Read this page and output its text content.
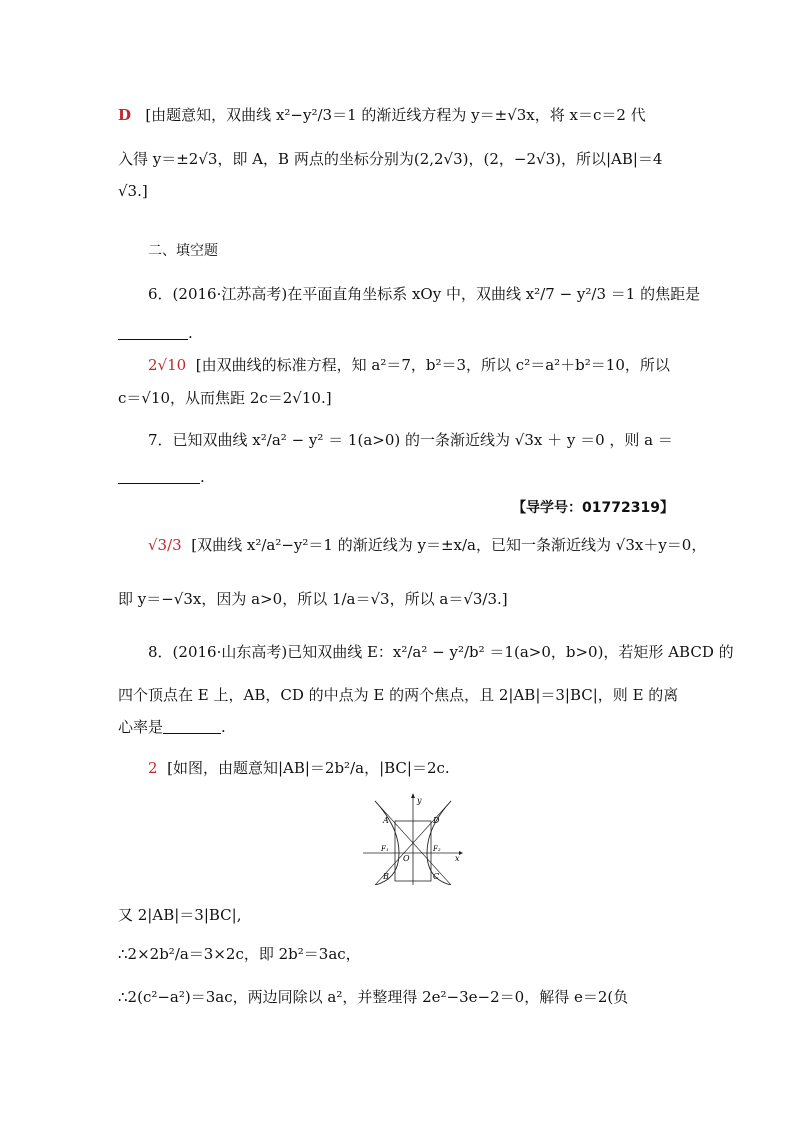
D [由题意知，双曲线 x²−y²/3＝1 的渐近线方程为 y＝±√3x，将 x＝c＝2 代
入得 y＝±2√3，即 A，B 两点的坐标分别为(2,2√3)，(2，−2√3)，所以|AB|＝4
√3.]
二、填空题
6．(2016·江苏高考)在平面直角坐标系 xOy 中，双曲线 x²/7 − y²/3 ＝1 的焦距是
.
2√10 [由双曲线的标准方程，知 a²＝7，b²＝3，所以 c²＝a²＋b²＝10，所以
c＝√10，从而焦距 2c＝2√10.]
7．已知双曲线 x²/a² − y² ＝ 1(a>0) 的一条渐近线为 √3x ＋ y ＝0 ，则 a ＝
.
【导学号：01772319】
√3/3 [双曲线 x²/a²−y²＝1 的渐近线为 y＝±x/a，已知一条渐近线为 √3x＋y＝0，
即 y＝−√3x，因为 a>0，所以 1/a＝√3，所以 a＝√3/3.]
8．(2016·山东高考)已知双曲线 E：x²/a² − y²/b² ＝1(a>0，b>0)，若矩形 ABCD 的
四个顶点在 E 上，AB，CD 的中点为 E 的两个焦点，且 2|AB|＝3|BC|，则 E 的离
心率是	.
2 [如图，由题意知|AB|＝2b²/a，|BC|＝2c.
y
x
A	D
B	C
O
F₁	F₂
又 2|AB|＝3|BC|,
∴2×2b²/a＝3×2c，即 2b²＝3ac，
∴2(c²−a²)＝3ac，两边同除以 a²，并整理得 2e²−3e−2＝0，解得 e＝2(负
